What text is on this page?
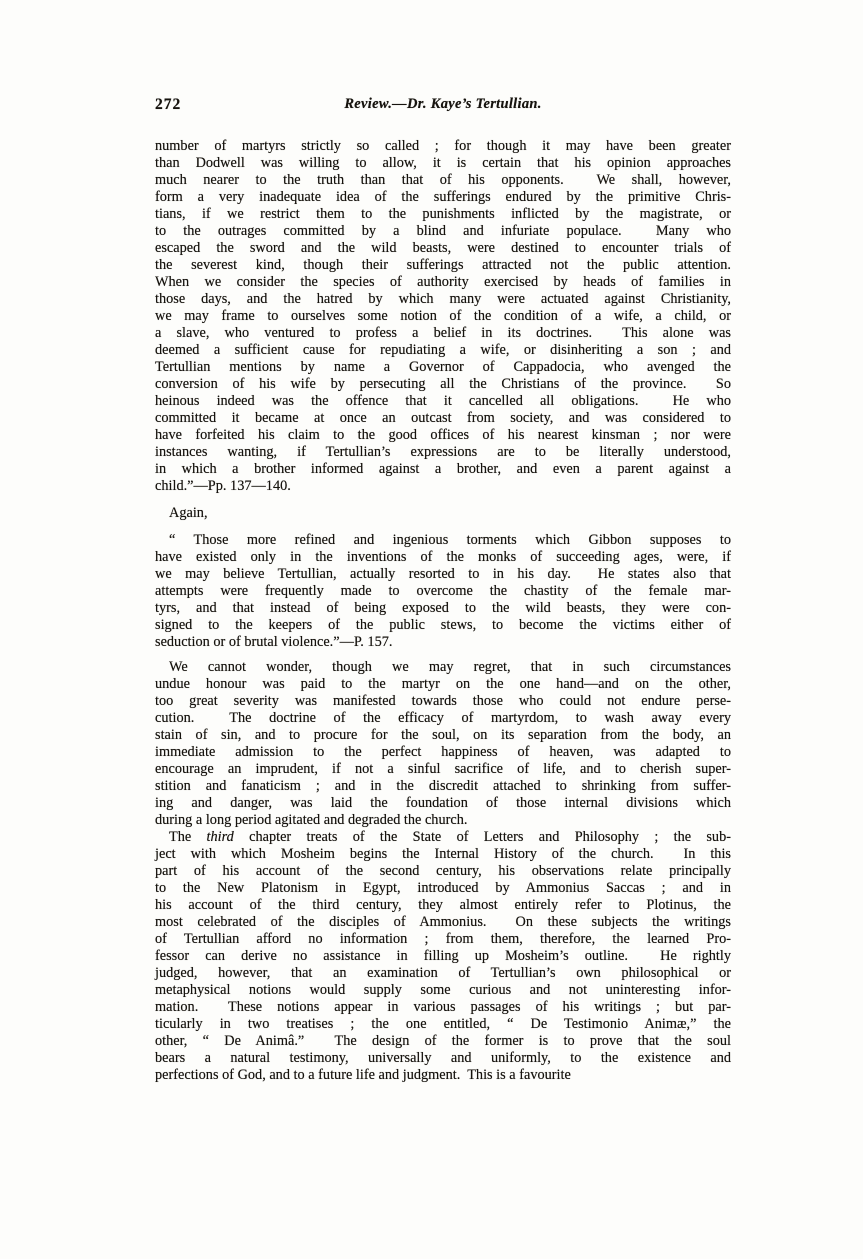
272	Review.—Dr. Kaye’s Tertullian.
number of martyrs strictly so called ; for though it may have been greater
than Dodwell was willing to allow, it is certain that his opinion approaches
much nearer to the truth than that of his opponents.  We shall, however,
form a very inadequate idea of the sufferings endured by the primitive Chris-
tians, if we restrict them to the punishments inflicted by the magistrate, or
to the outrages committed by a blind and infuriate populace.  Many who
escaped the sword and the wild beasts, were destined to encounter trials of
the severest kind, though their sufferings attracted not the public attention.
When we consider the species of authority exercised by heads of families in
those days, and the hatred by which many were actuated against Christianity,
we may frame to ourselves some notion of the condition of a wife, a child, or
a slave, who ventured to profess a belief in its doctrines.  This alone was
deemed a sufficient cause for repudiating a wife, or disinheriting a son ; and
Tertullian mentions by name a Governor of Cappadocia, who avenged the
conversion of his wife by persecuting all the Christians of the province.  So
heinous indeed was the offence that it cancelled all obligations.  He who
committed it became at once an outcast from society, and was considered to
have forfeited his claim to the good offices of his nearest kinsman ; nor were
instances wanting, if Tertullian’s expressions are to be literally understood,
in which a brother informed against a brother, and even a parent against a
child.”—Pp. 137—140.
Again,
“ Those more refined and ingenious torments which Gibbon supposes to
have existed only in the inventions of the monks of succeeding ages, were, if
we may believe Tertullian, actually resorted to in his day.  He states also that
attempts were frequently made to overcome the chastity of the female mar-
tyrs, and that instead of being exposed to the wild beasts, they were con-
signed to the keepers of the public stews, to become the victims either of
seduction or of brutal violence.”—P. 157.
We cannot wonder, though we may regret, that in such circumstances
undue honour was paid to the martyr on the one hand—and on the other,
too great severity was manifested towards those who could not endure perse-
cution.  The doctrine of the efficacy of martyrdom, to wash away every
stain of sin, and to procure for the soul, on its separation from the body, an
immediate admission to the perfect happiness of heaven, was adapted to
encourage an imprudent, if not a sinful sacrifice of life, and to cherish super-
stition and fanaticism ; and in the discredit attached to shrinking from suffer-
ing and danger, was laid the foundation of those internal divisions which
during a long period agitated and degraded the church.
The third chapter treats of the State of Letters and Philosophy ; the sub-
ject with which Mosheim begins the Internal History of the church.  In this
part of his account of the second century, his observations relate principally
to the New Platonism in Egypt, introduced by Ammonius Saccas ; and in
his account of the third century, they almost entirely refer to Plotinus, the
most celebrated of the disciples of Ammonius.  On these subjects the writings
of Tertullian afford no information ; from them, therefore, the learned Pro-
fessor can derive no assistance in filling up Mosheim’s outline.  He rightly
judged, however, that an examination of Tertullian’s own philosophical or
metaphysical notions would supply some curious and not uninteresting infor-
mation.  These notions appear in various passages of his writings ; but par-
ticularly in two treatises ; the one entitled, “ De Testimonio Animæ,” the
other, “ De Animâ.”  The design of the former is to prove that the soul
bears a natural testimony, universally and uniformly, to the existence and
perfections of God, and to a future life and judgment.  This is a favourite
